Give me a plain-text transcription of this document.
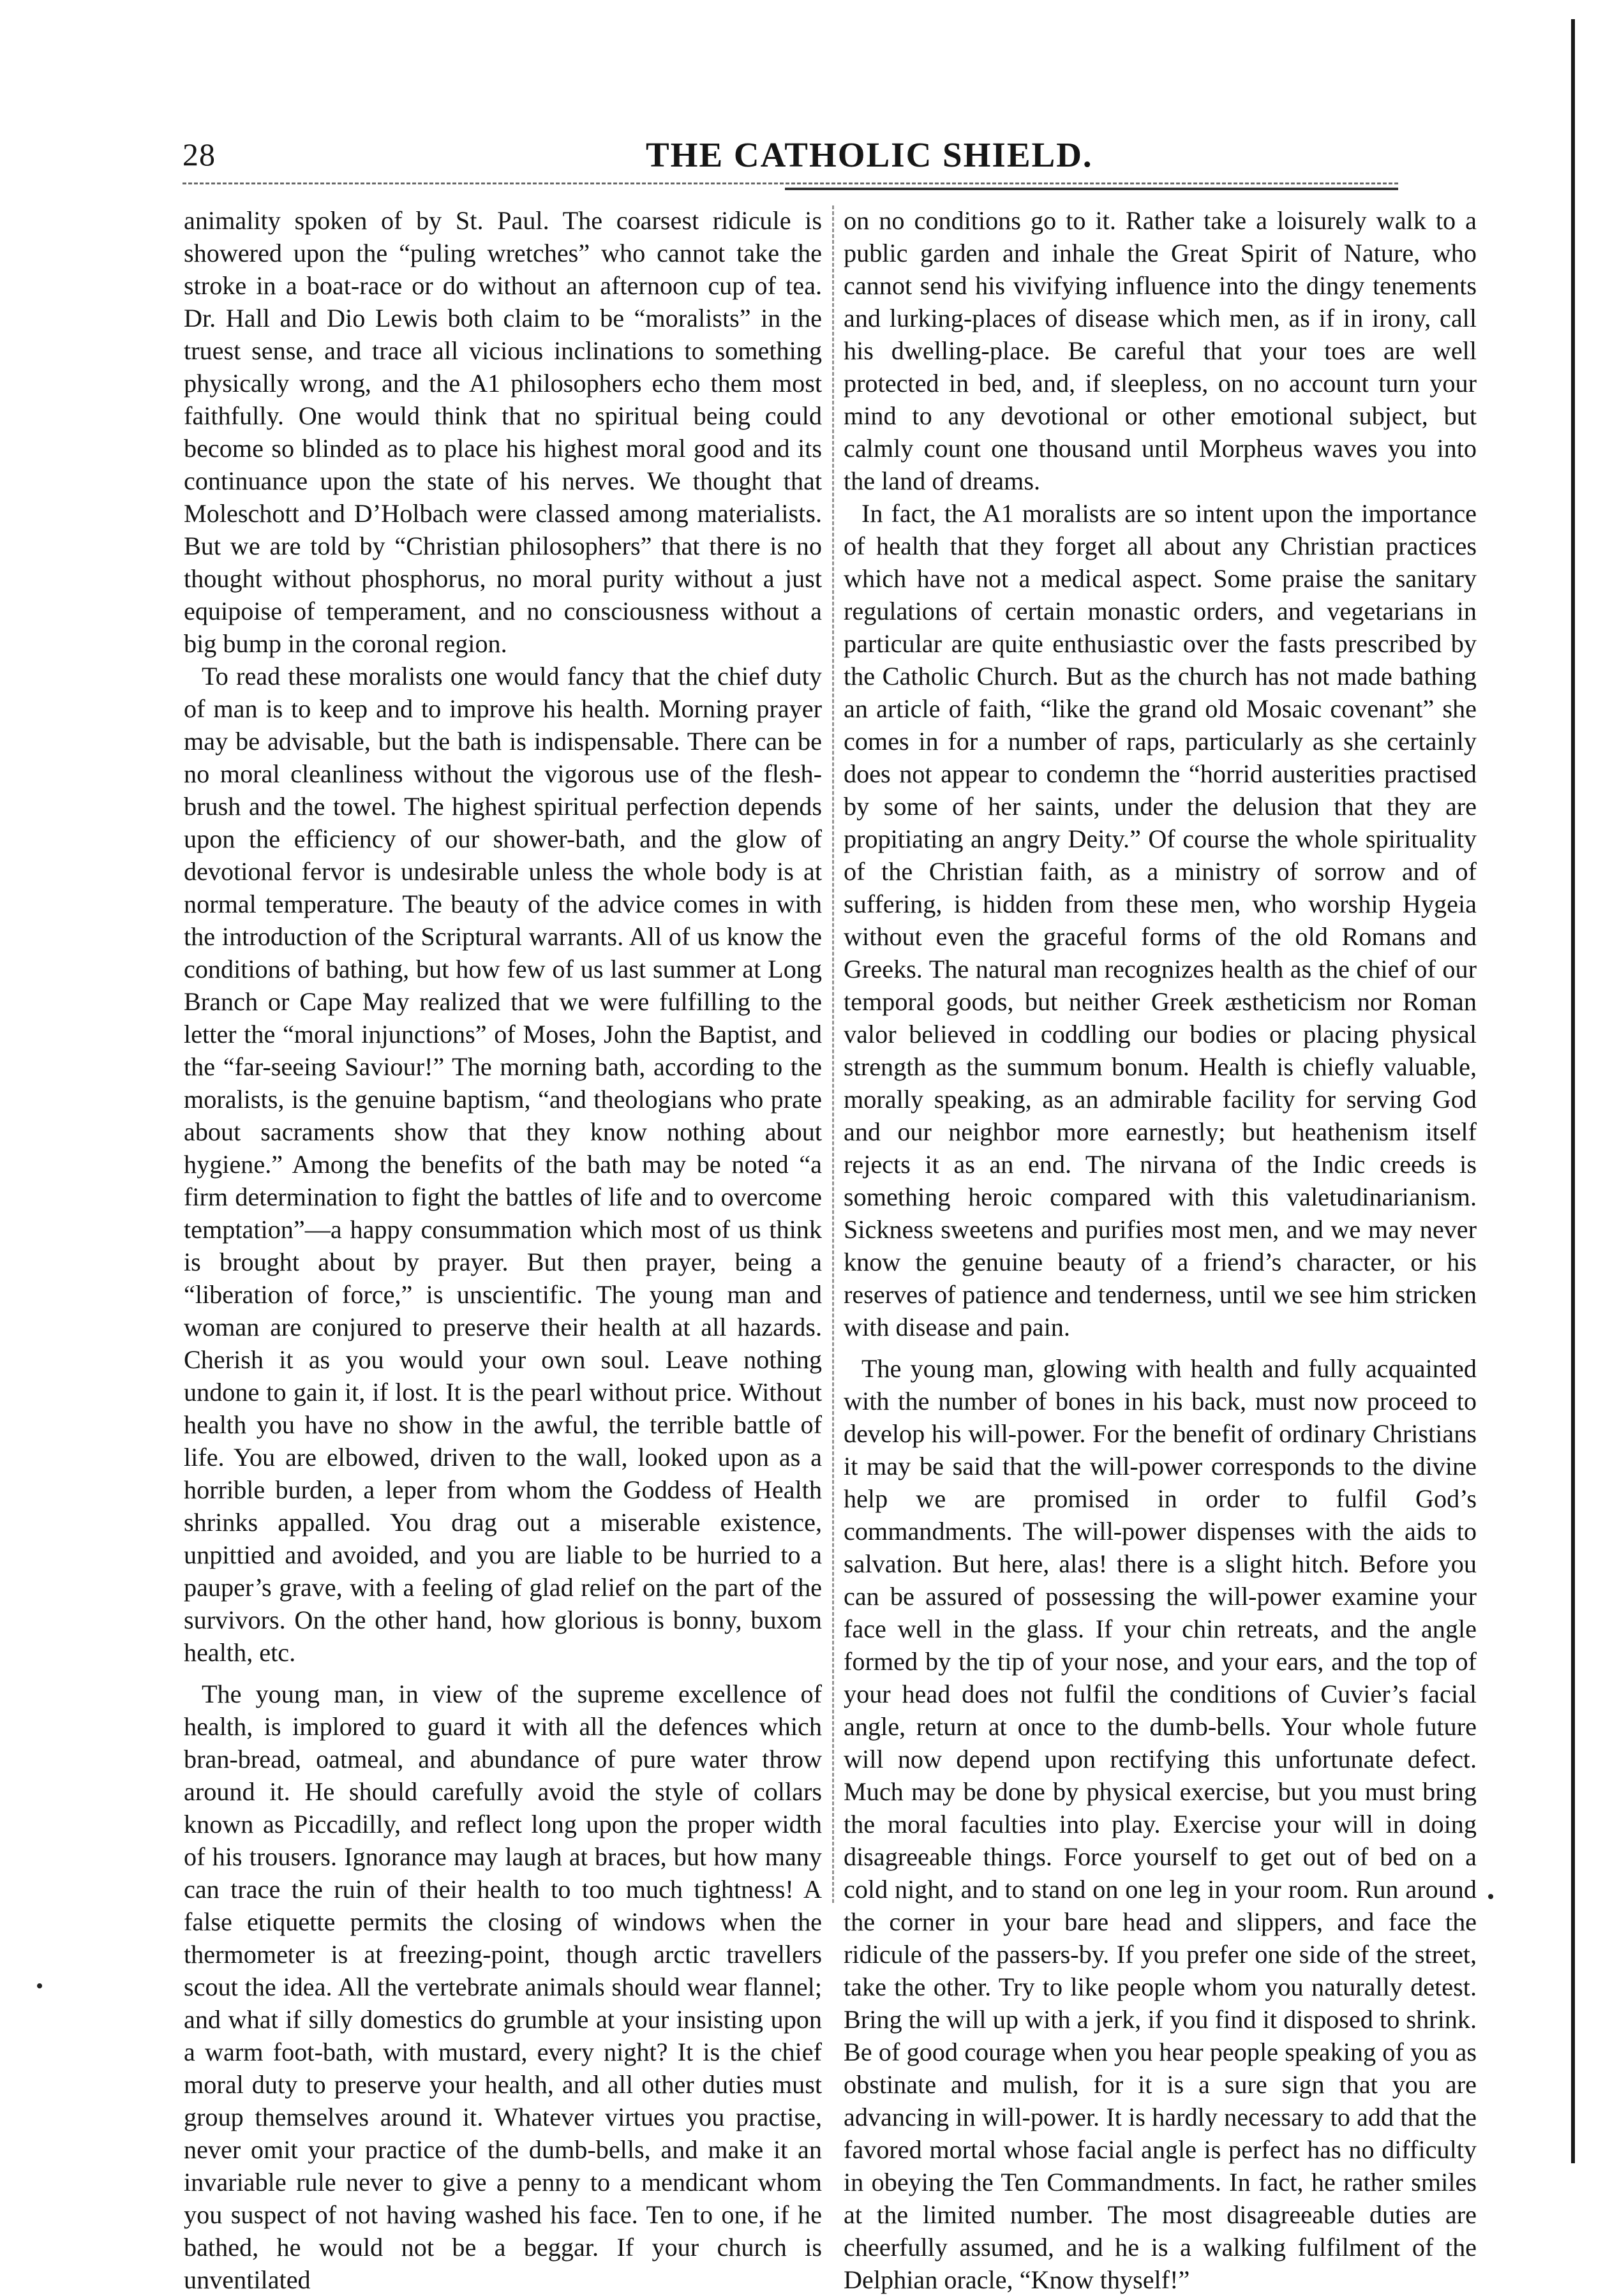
28	THE CATHOLIC SHIELD.

animality spoken of by St. Paul. The coarsest ridicule is showered upon the “puling wretches” who cannot take the stroke in a boat-race or do without an afternoon cup of tea. Dr. Hall and Dio Lewis both claim to be “moralists” in the truest sense, and trace all vicious inclinations to something physically wrong, and the A1 philosophers echo them most faithfully. One would think that no spiritual being could become so blinded as to place his highest moral good and its continuance upon the state of his nerves. We thought that Moleschott and D’Holbach were classed among materialists. But we are told by “Christian philosophers” that there is no thought without phosphorus, no moral purity without a just equipoise of temperament, and no consciousness without a big bump in the coronal region.

To read these moralists one would fancy that the chief duty of man is to keep and to improve his health. Morning prayer may be advisable, but the bath is indispensable. There can be no moral cleanliness without the vigorous use of the flesh-brush and the towel. The highest spiritual perfection depends upon the efficiency of our shower-bath, and the glow of devotional fervor is undesirable unless the whole body is at normal temperature. The beauty of the advice comes in with the introduction of the Scriptural warrants. All of us know the conditions of bathing, but how few of us last summer at Long Branch or Cape May realized that we were fulfilling to the letter the “moral injunctions” of Moses, John the Baptist, and the “far-seeing Saviour!” The morning bath, according to the moralists, is the genuine baptism, “and theologians who prate about sacraments show that they know nothing about hygiene.” Among the benefits of the bath may be noted “a firm determination to fight the battles of life and to overcome temptation”—a happy consummation which most of us think is brought about by prayer. But then prayer, being a “liberation of force,” is unscientific. The young man and woman are conjured to preserve their health at all hazards. Cherish it as you would your own soul. Leave nothing undone to gain it, if lost. It is the pearl without price. Without health you have no show in the awful, the terrible battle of life. You are elbowed, driven to the wall, looked upon as a horrible burden, a leper from whom the Goddess of Health shrinks appalled. You drag out a miserable existence, unpittied and avoided, and you are liable to be hurried to a pauper’s grave, with a feeling of glad relief on the part of the survivors. On the other hand, how glorious is bonny, buxom health, etc.

The young man, in view of the supreme excellence of health, is implored to guard it with all the defences which bran-bread, oatmeal, and abundance of pure water throw around it. He should carefully avoid the style of collars known as Piccadilly, and reflect long upon the proper width of his trousers. Ignorance may laugh at braces, but how many can trace the ruin of their health to too much tightness! A false etiquette permits the closing of windows when the thermometer is at freezing-point, though arctic travellers scout the idea. All the vertebrate animals should wear flannel; and what if silly domestics do grumble at your insisting upon a warm foot-bath, with mustard, every night? It is the chief moral duty to preserve your health, and all other duties must group themselves around it. Whatever virtues you practise, never omit your practice of the dumb-bells, and make it an invariable rule never to give a penny to a mendicant whom you suspect of not having washed his face. Ten to one, if he bathed, he would not be a beggar. If your church is unventilated

on no conditions go to it. Rather take a loisurely walk to a public garden and inhale the Great Spirit of Nature, who cannot send his vivifying influence into the dingy tenements and lurking-places of disease which men, as if in irony, call his dwelling-place. Be careful that your toes are well protected in bed, and, if sleepless, on no account turn your mind to any devotional or other emotional subject, but calmly count one thousand until Morpheus waves you into the land of dreams.

In fact, the A1 moralists are so intent upon the importance of health that they forget all about any Christian practices which have not a medical aspect. Some praise the sanitary regulations of certain monastic orders, and vegetarians in particular are quite enthusiastic over the fasts prescribed by the Catholic Church. But as the church has not made bathing an article of faith, “like the grand old Mosaic covenant” she comes in for a number of raps, particularly as she certainly does not appear to condemn the “horrid austerities practised by some of her saints, under the delusion that they are propitiating an angry Deity.” Of course the whole spirituality of the Christian faith, as a ministry of sorrow and of suffering, is hidden from these men, who worship Hygeia without even the graceful forms of the old Romans and Greeks. The natural man recognizes health as the chief of our temporal goods, but neither Greek æstheticism nor Roman valor believed in coddling our bodies or placing physical strength as the summum bonum. Health is chiefly valuable, morally speaking, as an admirable facility for serving God and our neighbor more earnestly; but heathenism itself rejects it as an end. The nirvana of the Indic creeds is something heroic compared with this valetudinarianism. Sickness sweetens and purifies most men, and we may never know the genuine beauty of a friend’s character, or his reserves of patience and tenderness, until we see him stricken with disease and pain.

The young man, glowing with health and fully acquainted with the number of bones in his back, must now proceed to develop his will-power. For the benefit of ordinary Christians it may be said that the will-power corresponds to the divine help we are promised in order to fulfil God’s commandments. The will-power dispenses with the aids to salvation. But here, alas! there is a slight hitch. Before you can be assured of possessing the will-power examine your face well in the glass. If your chin retreats, and the angle formed by the tip of your nose, and your ears, and the top of your head does not fulfil the conditions of Cuvier’s facial angle, return at once to the dumb-bells. Your whole future will now depend upon rectifying this unfortunate defect. Much may be done by physical exercise, but you must bring the moral faculties into play. Exercise your will in doing disagreeable things. Force yourself to get out of bed on a cold night, and to stand on one leg in your room. Run around the corner in your bare head and slippers, and face the ridicule of the passers-by. If you prefer one side of the street, take the other. Try to like people whom you naturally detest. Bring the will up with a jerk, if you find it disposed to shrink. Be of good courage when you hear people speaking of you as obstinate and mulish, for it is a sure sign that you are advancing in will-power. It is hardly necessary to add that the favored mortal whose facial angle is perfect has no difficulty in obeying the Ten Commandments. In fact, he rather smiles at the limited number. The most disagreeable duties are cheerfully assumed, and he is a walking fulfilment of the Delphian oracle, “Know thyself!”
